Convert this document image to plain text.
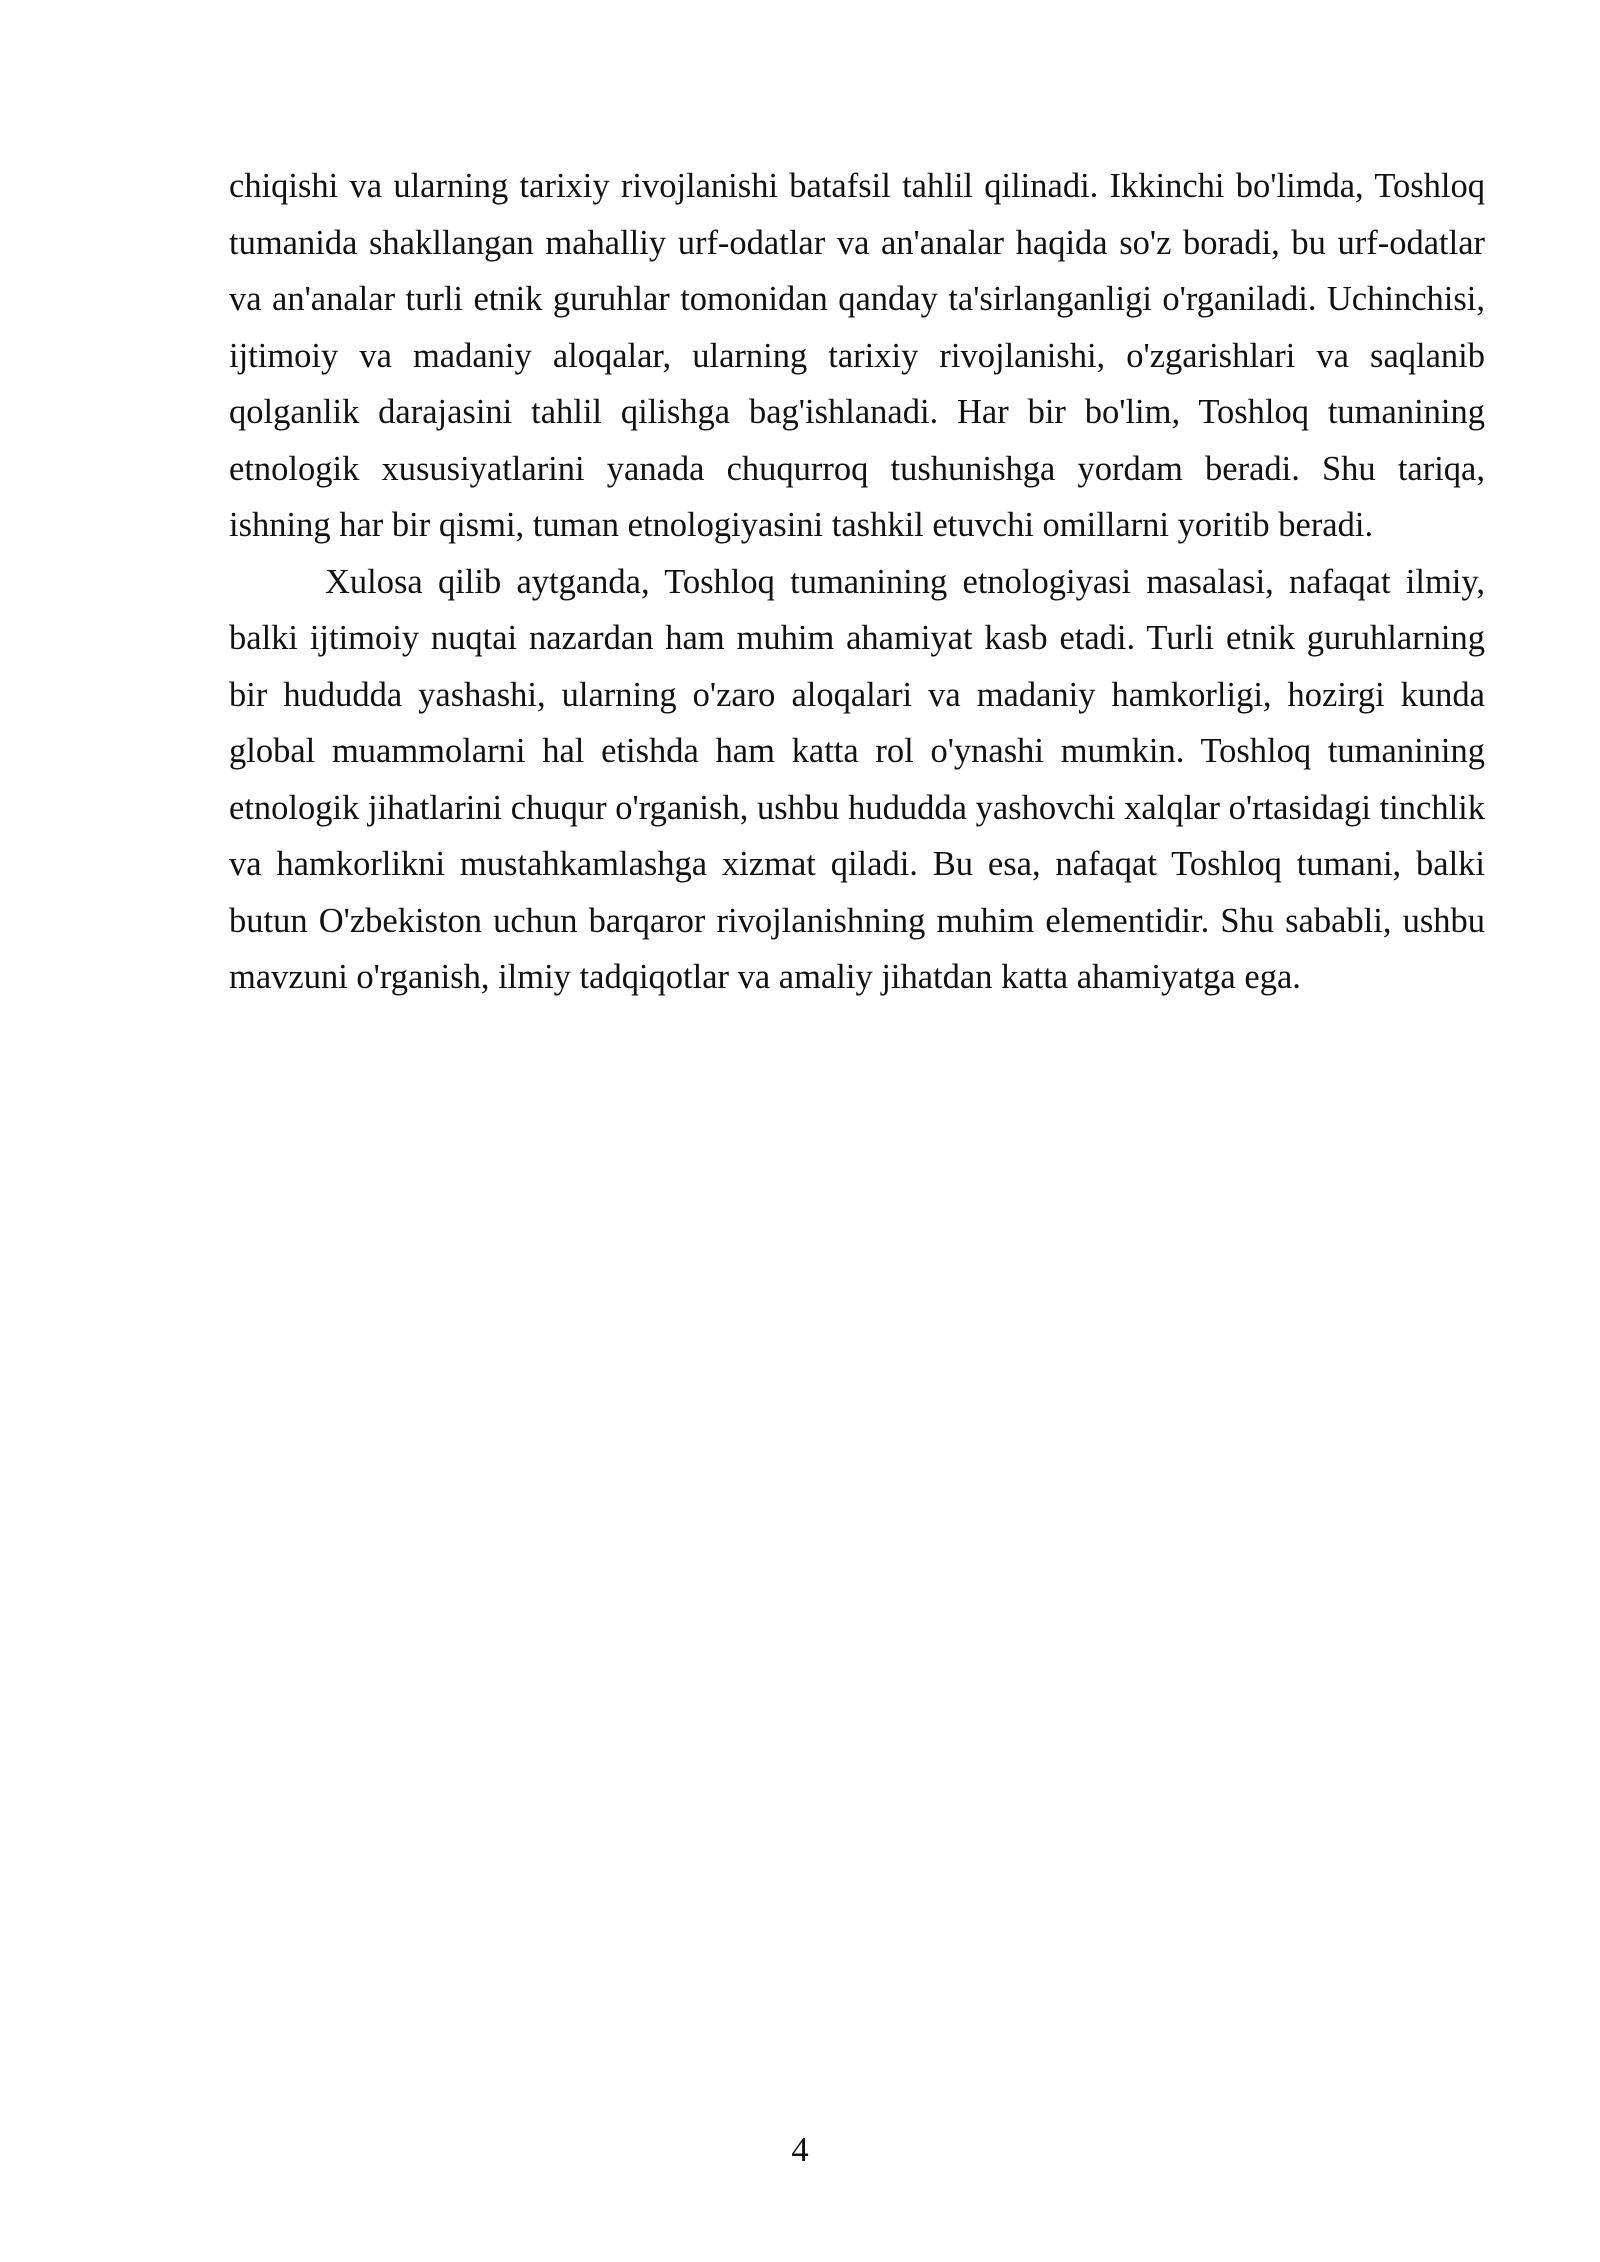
chiqishi va ularning tarixiy rivojlanishi batafsil tahlil qilinadi. Ikkinchi bo'limda, Toshloq tumanida shakllangan mahalliy urf-odatlar va an'analar haqida so'z boradi, bu urf-odatlar va an'analar turli etnik guruhlar tomonidan qanday ta'sirlanganligi o'rganiladi. Uchinchisi, ijtimoiy va madaniy aloqalar, ularning tarixiy rivojlanishi, o'zgarishlari va saqlanib qolganlik darajasini tahlil qilishga bag'ishlanadi. Har bir bo'lim, Toshloq tumanining etnologik xususiyatlarini yanada chuqurroq tushunishga yordam beradi. Shu tariqa, ishning har bir qismi, tuman etnologiyasini tashkil etuvchi omillarni yoritib beradi.

Xulosa qilib aytganda, Toshloq tumanining etnologiyasi masalasi, nafaqat ilmiy, balki ijtimoiy nuqtai nazardan ham muhim ahamiyat kasb etadi. Turli etnik guruhlarning bir hududda yashashi, ularning o'zaro aloqalari va madaniy hamkorligi, hozirgi kunda global muammolarni hal etishda ham katta rol o'ynashi mumkin. Toshloq tumanining etnologik jihatlarini chuqur o'rganish, ushbu hududda yashovchi xalqlar o'rtasidagi tinchlik va hamkorlikni mustahkamlashga xizmat qiladi. Bu esa, nafaqat Toshloq tumani, balki butun O'zbekiston uchun barqaror rivojlanishning muhim elementidir. Shu sababli, ushbu mavzuni o'rganish, ilmiy tadqiqotlar va amaliy jihatdan katta ahamiyatga ega.

4
